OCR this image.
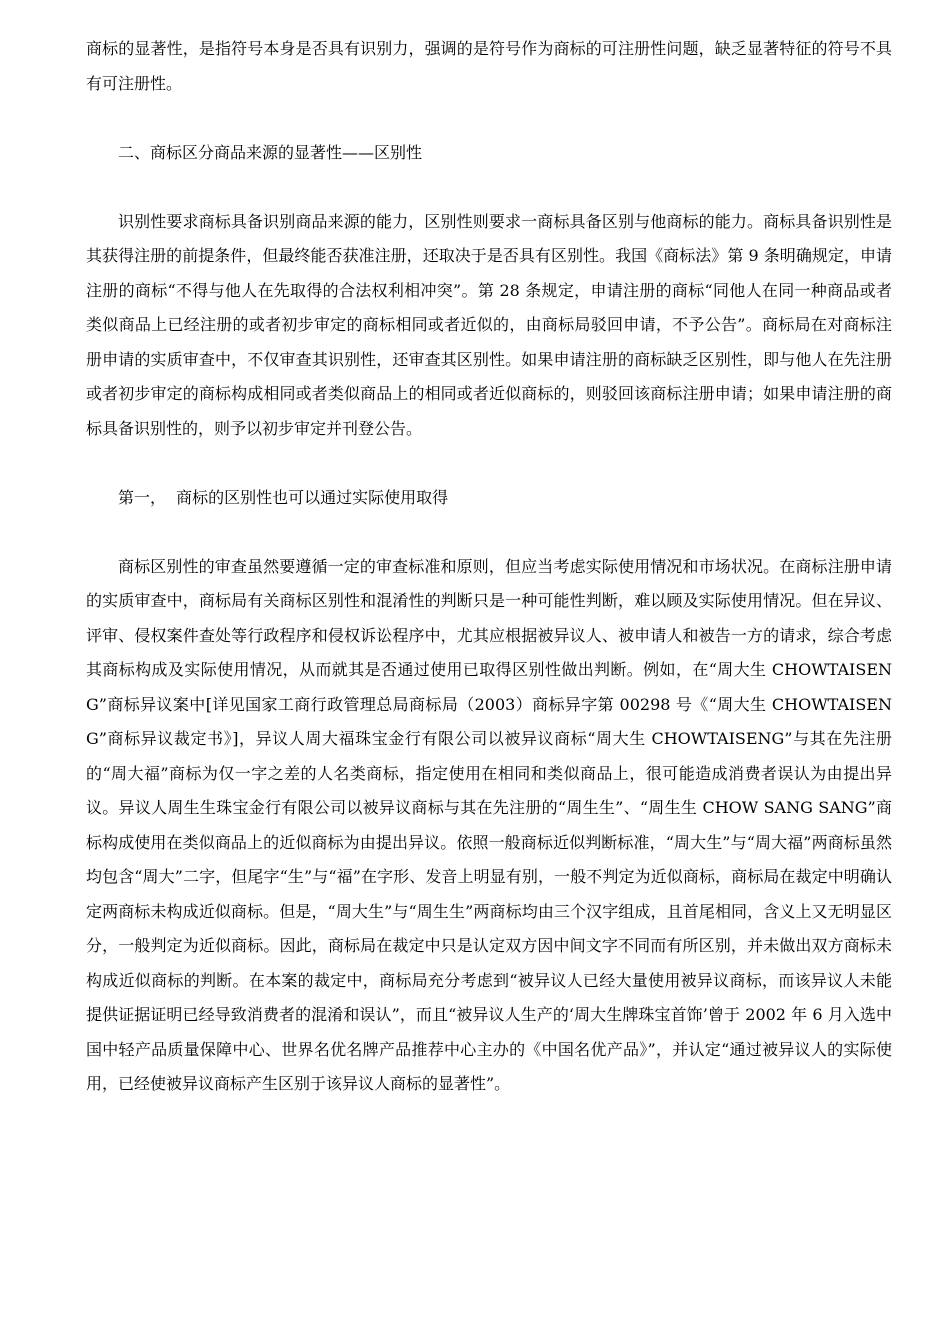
商标的显著性，是指符号本身是否具有识别力，强调的是符号作为商标的可注册性问题，缺乏显著特征的符号不具有可注册性。

二、商标区分商品来源的显著性——区别性

识别性要求商标具备识别商品来源的能力，区别性则要求一商标具备区别与他商标的能力。商标具备识别性是其获得注册的前提条件，但最终能否获准注册，还取决于是否具有区别性。我国《商标法》第 9 条明确规定，申请注册的商标“不得与他人在先取得的合法权利相冲突”。第 28 条规定，申请注册的商标“同他人在同一种商品或者类似商品上已经注册的或者初步审定的商标相同或者近似的，由商标局驳回申请，不予公告”。商标局在对商标注册申请的实质审查中，不仅审查其识别性，还审查其区别性。如果申请注册的商标缺乏区别性，即与他人在先注册或者初步审定的商标构成相同或者类似商品上的相同或者近似商标的，则驳回该商标注册申请；如果申请注册的商标具备识别性的，则予以初步审定并刊登公告。

第一，  商标的区别性也可以通过实际使用取得

商标区别性的审查虽然要遵循一定的审查标准和原则，但应当考虑实际使用情况和市场状况。在商标注册申请的实质审查中，商标局有关商标区别性和混淆性的判断只是一种可能性判断，难以顾及实际使用情况。但在异议、评审、侵权案件查处等行政程序和侵权诉讼程序中，尤其应根据被异议人、被申请人和被告一方的请求，综合考虑其商标构成及实际使用情况，从而就其是否通过使用已取得区别性做出判断。例如，在“周大生 CHOWTAISENG”商标异议案中[详见国家工商行政管理总局商标局（2003）商标异字第 00298 号《“周大生 CHOWTAISENG”商标异议裁定书》]，异议人周大福珠宝金行有限公司以被异议商标“周大生 CHOWTAISENG”与其在先注册的“周大福”商标为仅一字之差的人名类商标，指定使用在相同和类似商品上，很可能造成消费者误认为由提出异议。异议人周生生珠宝金行有限公司以被异议商标与其在先注册的“周生生”、“周生生 CHOW SANG SANG”商标构成使用在类似商品上的近似商标为由提出异议。依照一般商标近似判断标准，“周大生”与“周大福”两商标虽然均包含“周大”二字，但尾字“生”与“福”在字形、发音上明显有别，一般不判定为近似商标，商标局在裁定中明确认定两商标未构成近似商标。但是，“周大生”与“周生生”两商标均由三个汉字组成，且首尾相同，含义上又无明显区分，一般判定为近似商标。因此，商标局在裁定中只是认定双方因中间文字不同而有所区别，并未做出双方商标未构成近似商标的判断。在本案的裁定中，商标局充分考虑到“被异议人已经大量使用被异议商标，而该异议人未能提供证据证明已经导致消费者的混淆和误认”，而且“被异议人生产的‘周大生牌珠宝首饰’曾于 2002 年 6 月入选中国中轻产品质量保障中心、世界名优名牌产品推荐中心主办的《中国名优产品》”，并认定“通过被异议人的实际使用，已经使被异议商标产生区别于该异议人商标的显著性”。
